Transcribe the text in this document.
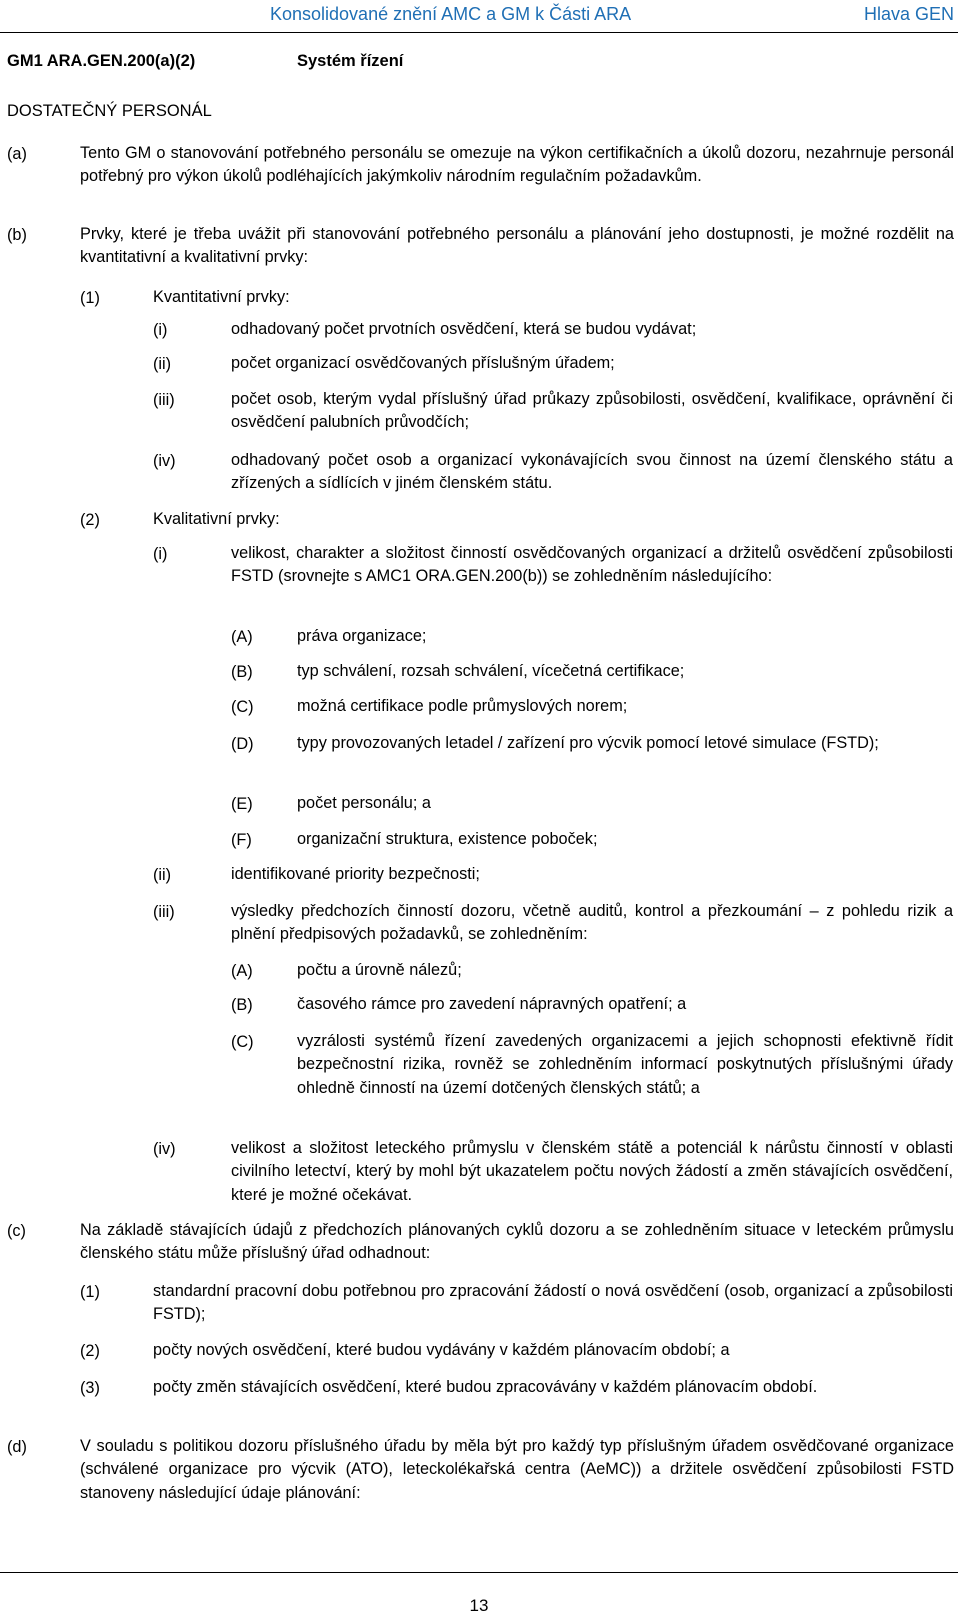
Konsolidované znění AMC a GM k Části ARA	Hlava GEN
GM1 ARA.GEN.200(a)(2)	Systém řízení
DOSTATEČNÝ PERSONÁL
(a)	Tento GM o stanovování potřebného personálu se omezuje na výkon certifikačních a úkolů dozoru, nezahrnuje personál potřebný pro výkon úkolů podléhajících jakýmkoliv národním regulačním požadavkům.
(b)	Prvky, které je třeba uvážit při stanovování potřebného personálu a plánování jeho dostupnosti, je možné rozdělit na kvantitativní a kvalitativní prvky:
(1)	Kvantitativní prvky:
(i)	odhadovaný počet prvotních osvědčení, která se budou vydávat;
(ii)	počet organizací osvědčovaných příslušným úřadem;
(iii)	počet osob, kterým vydal příslušný úřad průkazy způsobilosti, osvědčení, kvalifikace, oprávnění či osvědčení palubních průvodčích;
(iv)	odhadovaný počet osob a organizací vykonávajících svou činnost na území členského státu a zřízených a sídlících v jiném členském státu.
(2)	Kvalitativní prvky:
(i)	velikost, charakter a složitost činností osvědčovaných organizací a držitelů osvědčení způsobilosti FSTD (srovnejte s AMC1 ORA.GEN.200(b)) se zohledněním následujícího:
(A)	práva organizace;
(B)	typ schválení, rozsah schválení, vícečetná certifikace;
(C)	možná certifikace podle průmyslových norem;
(D)	typy provozovaných letadel / zařízení pro výcvik pomocí letové simulace (FSTD);
(E)	počet personálu; a
(F)	organizační struktura, existence poboček;
(ii)	identifikované priority bezpečnosti;
(iii)	výsledky předchozích činností dozoru, včetně auditů, kontrol a přezkoumání – z pohledu rizik a plnění předpisových požadavků, se zohledněním:
(A)	počtu a úrovně nálezů;
(B)	časového rámce pro zavedení nápravných opatření; a
(C)	vyzrálosti systémů řízení zavedených organizacemi a jejich schopnosti efektivně řídit bezpečnostní rizika, rovněž se zohledněním informací poskytnutých příslušnými úřady ohledně činností na území dotčených členských států; a
(iv)	velikost a složitost leteckého průmyslu v členském státě a potenciál k nárůstu činností v oblasti civilního letectví, který by mohl být ukazatelem počtu nových žádostí a změn stávajících osvědčení, které je možné očekávat.
(c)	Na základě stávajících údajů z předchozích plánovaných cyklů dozoru a se zohledněním situace v leteckém průmyslu členského státu může příslušný úřad odhadnout:
(1)	standardní pracovní dobu potřebnou pro zpracování žádostí o nová osvědčení (osob, organizací a způsobilosti FSTD);
(2)	počty nových osvědčení, které budou vydávány v každém plánovacím období; a
(3)	počty změn stávajících osvědčení, které budou zpracovávány v každém plánovacím období.
(d)	V souladu s politikou dozoru příslušného úřadu by měla být pro každý typ příslušným úřadem osvědčované organizace (schválené organizace pro výcvik (ATO), leteckolékařská centra (AeMC)) a držitele osvědčení způsobilosti FSTD stanoveny následující údaje plánování:
13
